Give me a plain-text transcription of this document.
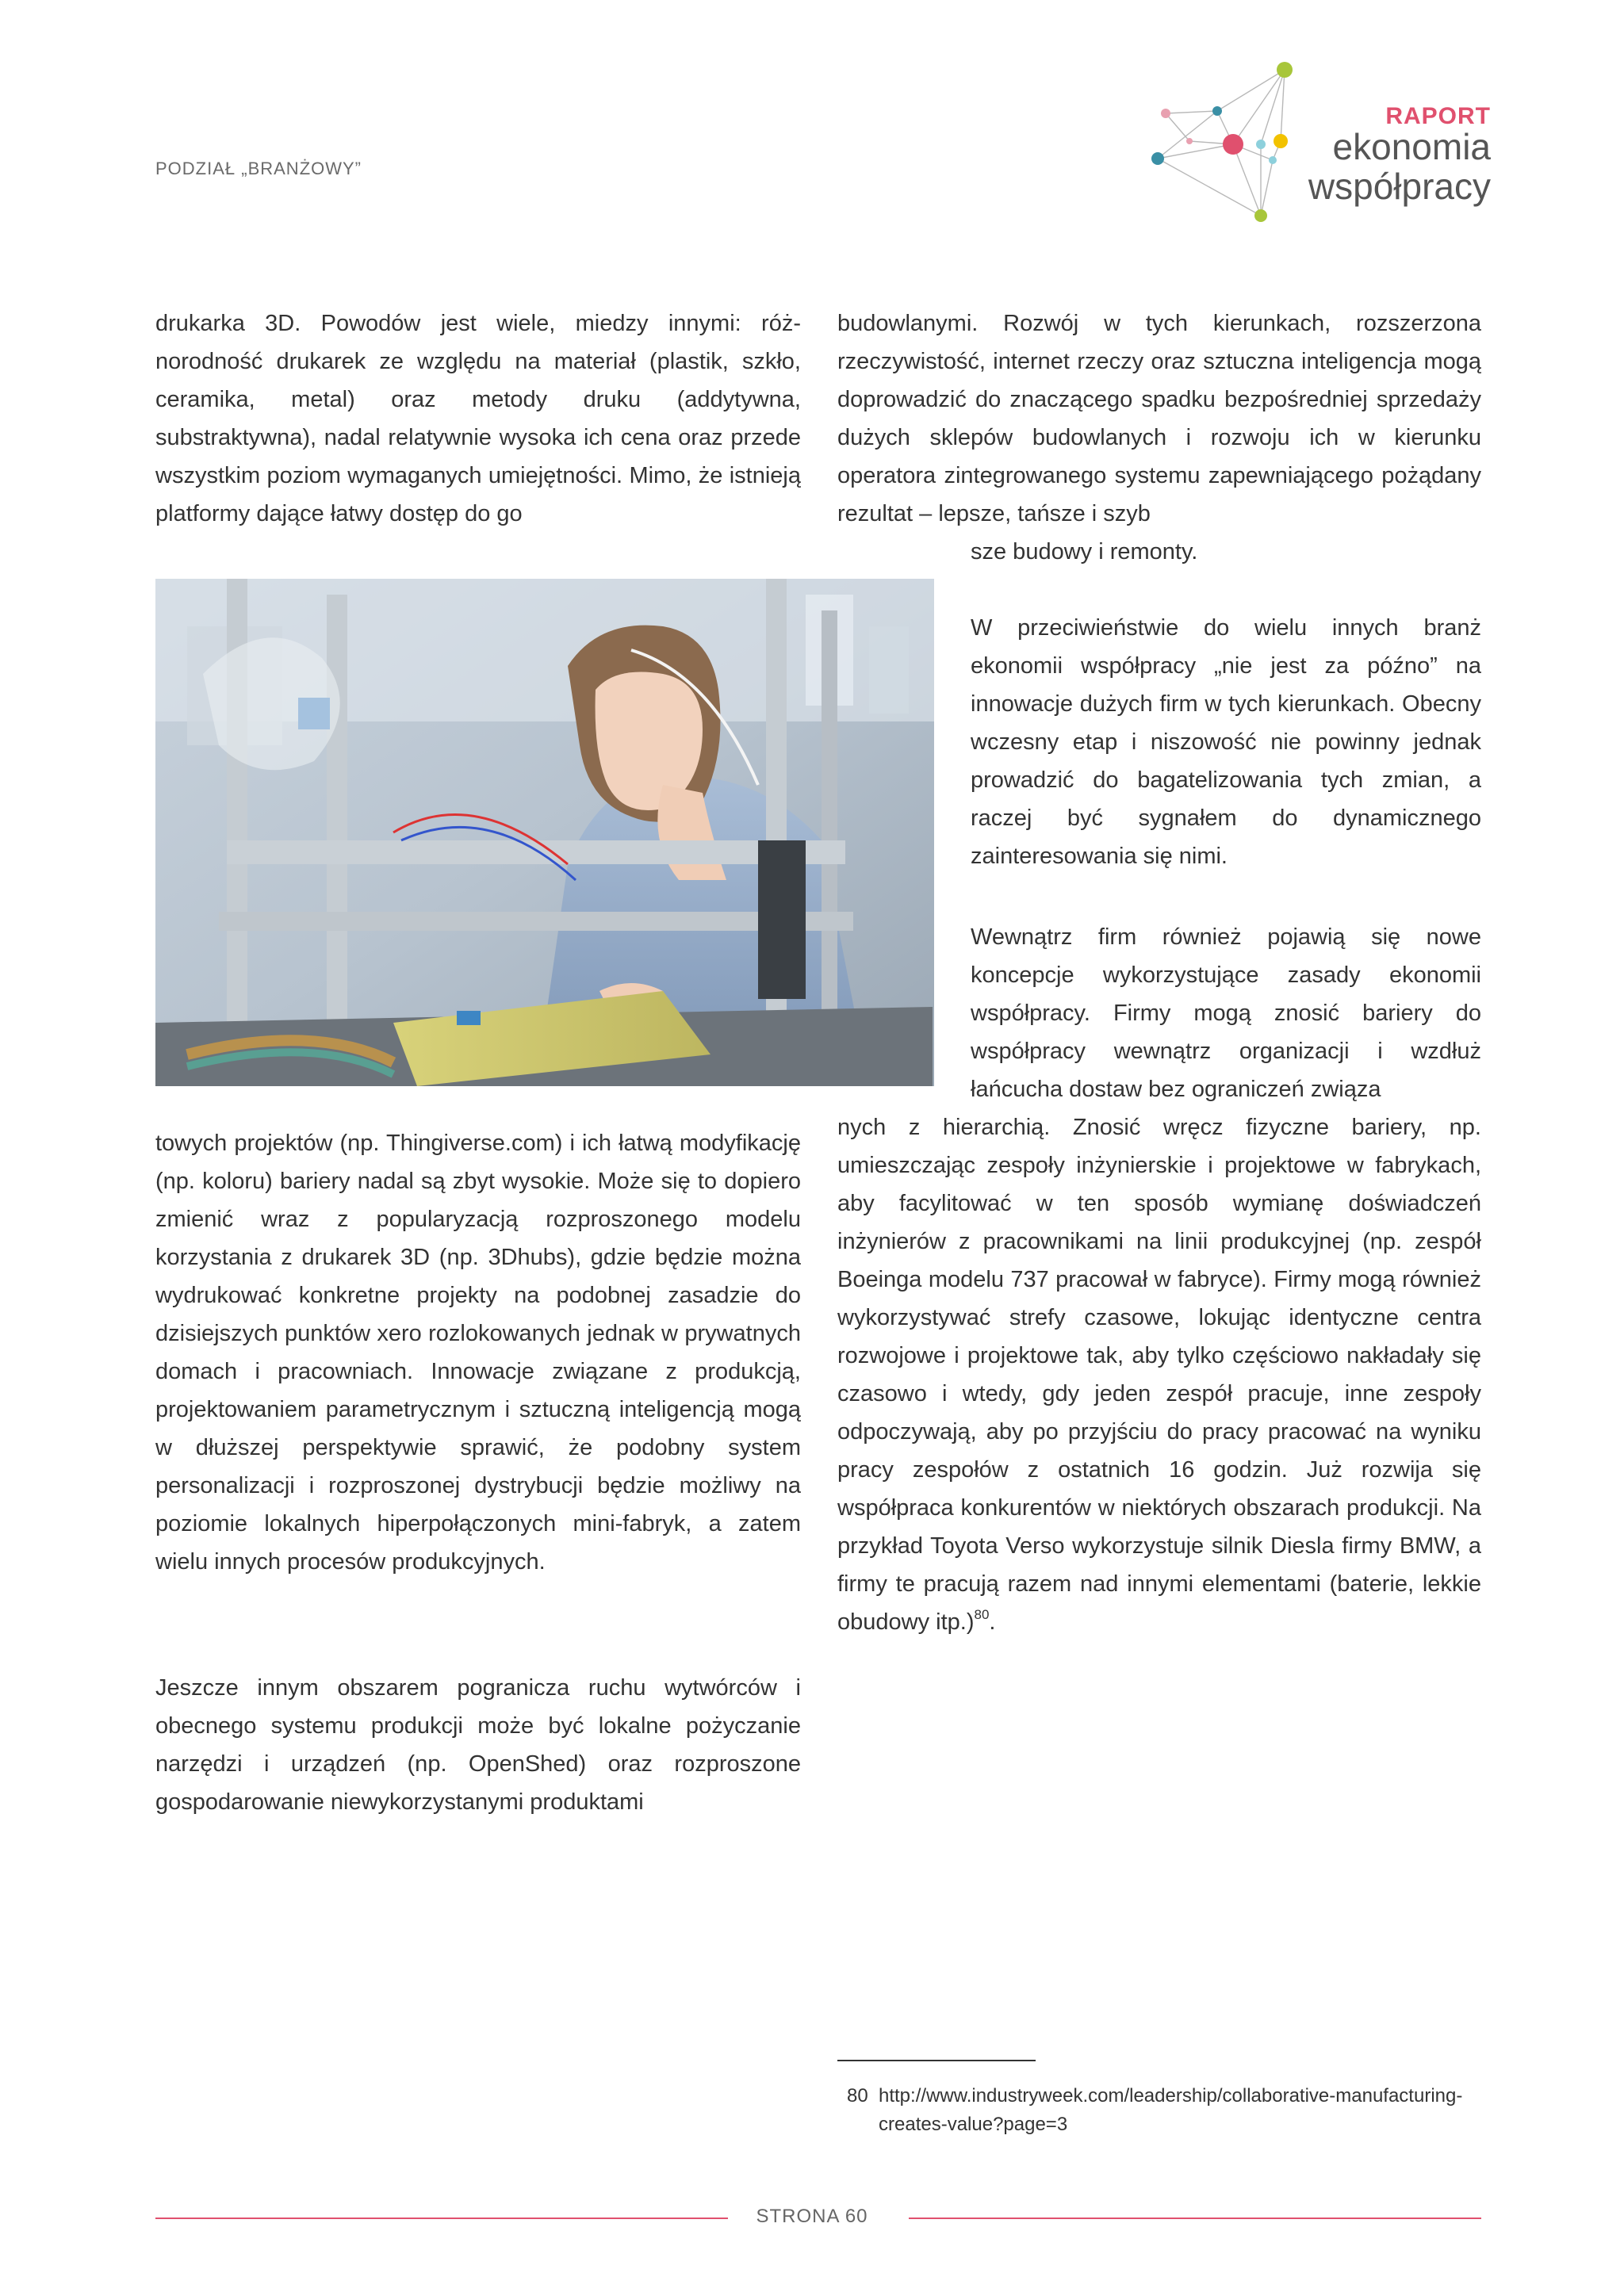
PODZIAŁ „BRANŻOWY”
RAPORT
ekonomia
współpracy

drukarka 3D. Powodów jest wiele, miedzy innymi: różnorodność drukarek ze względu na materiał (plastik, szkło, ceramika, metal) oraz metody druku (addytywna, substraktywna), nadal relatywnie wysoka ich cena oraz przede wszystkim poziom wymaganych umiejętności. Mimo, że istnieją platformy dające łatwy dostęp do go

towych projektów (np. Thingiverse.com) i ich łatwą modyfikację (np. koloru) bariery nadal są zbyt wysokie. Może się to dopiero zmienić wraz z popularyzacją rozproszonego modelu korzystania z drukarek 3D (np. 3Dhubs), gdzie będzie można wydrukować konkretne projekty na podobnej zasadzie do dzisiejszych punktów xero rozlokowanych jednak w prywatnych domach i pracowniach. Innowacje związane z produkcją, projektowaniem parametrycznym i sztuczną inteligencją mogą w dłuższej perspektywie sprawić, że podobny system personalizacji i rozproszonej dystrybucji będzie możliwy na poziomie lokalnych hiperpołączonych mini-fabryk, a zatem wielu innych procesów produkcyjnych.

Jeszcze innym obszarem pogranicza ruchu wytwórców i obecnego systemu produkcji może być lokalne pożyczanie narzędzi i urządzeń (np. OpenShed) oraz rozproszone gospodarowanie niewykorzystanymi produktami

budowlanymi. Rozwój w tych kierunkach, rozszerzona rzeczywistość, internet rzeczy oraz sztuczna inteligencja mogą doprowadzić do znaczącego spadku bezpośredniej sprzedaży dużych sklepów budowlanych i rozwoju ich w kierunku operatora zintegrowanego systemu zapewniającego pożądany rezultat – lepsze, tańsze i szyb

sze budowy i remonty.

W przeciwieństwie do wielu innych branż ekonomii współpracy „nie jest za późno” na innowacje dużych firm w tych kierunkach. Obecny wczesny etap i niszowość nie powinny jednak prowadzić do bagatelizowania tych zmian, a raczej być sygnałem do dynamicznego zainteresowania się nimi.

Wewnątrz firm również pojawią się nowe koncepcje wykorzystujące zasady ekonomii współpracy. Firmy mogą znosić bariery do współpracy wewnątrz organizacji i wzdłuż łańcucha dostaw bez ograniczeń związa

nych z hierarchią. Znosić wręcz fizyczne bariery, np. umieszczając zespoły inżynierskie i projektowe w fabrykach, aby facylitować w ten sposób wymianę doświadczeń inżynierów z pracownikami na linii produkcyjnej (np. zespół Boeinga modelu 737 pracował w fabryce). Firmy mogą również wykorzystywać strefy czasowe, lokując identyczne centra rozwojowe i projektowe tak, aby tylko częściowo nakładały się czasowo i wtedy, gdy jeden zespół pracuje, inne zespoły odpoczywają, aby po przyjściu do pracy pracować na wyniku pracy zespołów z ostatnich 16 godzin. Już rozwija się współpraca konkurentów w niektórych obszarach produkcji. Na przykład Toyota Verso wykorzystuje silnik Diesla firmy BMW, a firmy te pracują razem nad innymi elementami (baterie, lekkie obudowy itp.)$^{80}$.

80 http://www.industryweek.com/leadership/collaborative-manufacturing-creates-value?page=3
STRONA 60
